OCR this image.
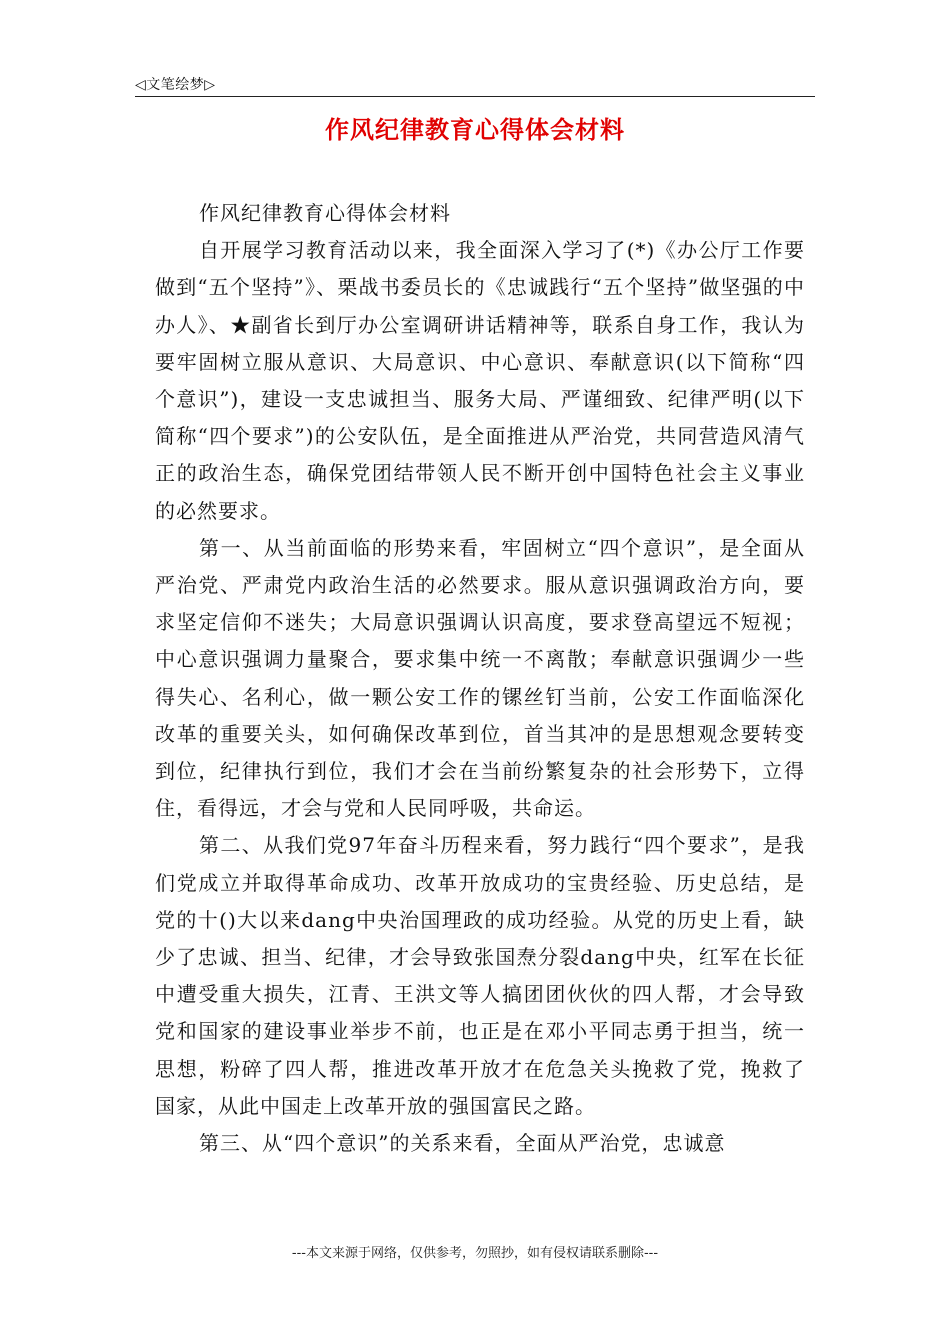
◁文笔绘梦▷
作风纪律教育心得体会材料

作风纪律教育心得体会材料

自开展学习教育活动以来，我全面深入学习了(*)《办公厅工作要做到“五个坚持”》、栗战书委员长的《忠诚践行“五个坚持”做坚强的中办人》、★副省长到厅办公室调研讲话精神等，联系自身工作，我认为要牢固树立服从意识、大局意识、中心意识、奉献意识(以下简称“四个意识”)，建设一支忠诚担当、服务大局、严谨细致、纪律严明(以下简称“四个要求”)的公安队伍，是全面推进从严治党，共同营造风清气正的政治生态，确保党团结带领人民不断开创中国特色社会主义事业的必然要求。

第一、从当前面临的形势来看，牢固树立“四个意识”，是全面从严治党、严肃党内政治生活的必然要求。服从意识强调政治方向，要求坚定信仰不迷失；大局意识强调认识高度，要求登高望远不短视；中心意识强调力量聚合，要求集中统一不离散；奉献意识强调少一些得失心、名利心，做一颗公安工作的镙丝钉当前，公安工作面临深化改革的重要关头，如何确保改革到位，首当其冲的是思想观念要转变到位，纪律执行到位，我们才会在当前纷繁复杂的社会形势下，立得住，看得远，才会与党和人民同呼吸，共命运。

第二、从我们党97年奋斗历程来看，努力践行“四个要求”，是我们党成立并取得革命成功、改革开放成功的宝贵经验、历史总结，是党的十()大以来dang中央治国理政的成功经验。从党的历史上看，缺少了忠诚、担当、纪律，才会导致张国焘分裂dang中央，红军在长征中遭受重大损失，江青、王洪文等人搞团团伙伙的四人帮，才会导致党和国家的建设事业举步不前，也正是在邓小平同志勇于担当，统一思想，粉碎了四人帮，推进改革开放才在危急关头挽救了党，挽救了国家，从此中国走上改革开放的强国富民之路。

第三、从“四个意识”的关系来看，全面从严治党，忠诚意

---本文来源于网络，仅供参考，勿照抄，如有侵权请联系删除---
